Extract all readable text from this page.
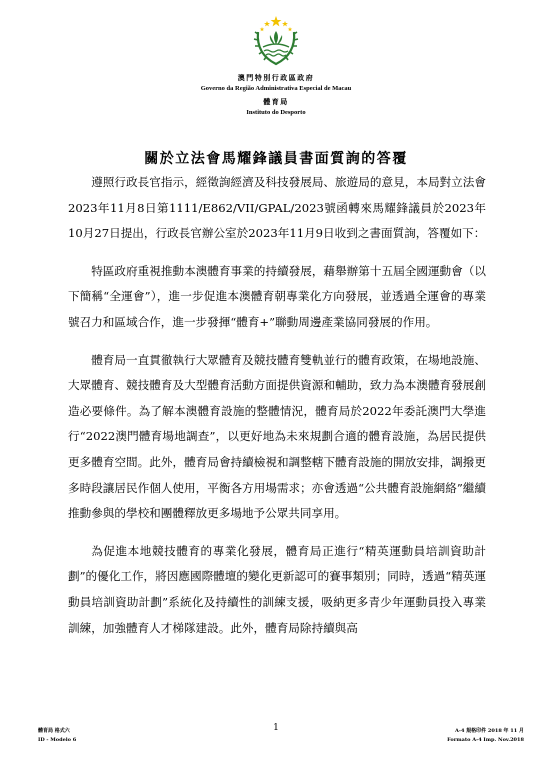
澳門特別行政區政府
Governo da Região Administrativa Especial de Macau
體育局
Instituto do Desporto
關於立法會馬耀鋒議員書面質詢的答覆

遵照行政長官指示，經徵詢經濟及科技發展局、旅遊局的意見，本局對立法會2023年11月8日第1111/E862/VII/GPAL/2023號函轉來馬耀鋒議員於2023年10月27日提出，行政長官辦公室於2023年11月9日收到之書面質詢，答覆如下：

特區政府重視推動本澳體育事業的持續發展，藉舉辦第十五屆全國運動會（以下簡稱“全運會”），進一步促進本澳體育朝專業化方向發展，並透過全運會的專業號召力和區域合作，進一步發揮“體育+”聯動周邊產業協同發展的作用。

體育局一直貫徹執行大眾體育及競技體育雙軌並行的體育政策，在場地設施、大眾體育、競技體育及大型體育活動方面提供資源和輔助，致力為本澳體育發展創造必要條件。為了解本澳體育設施的整體情況，體育局於2022年委託澳門大學進行“2022澳門體育場地調查”，以更好地為未來規劃合適的體育設施，為居民提供更多體育空間。此外，體育局會持續檢視和調整轄下體育設施的開放安排，調撥更多時段讓居民作個人使用，平衡各方用場需求；亦會透過“公共體育設施網絡”繼續推動參與的學校和團體釋放更多場地予公眾共同享用。

為促進本地競技體育的專業化發展，體育局正進行“精英運動員培訓資助計劃”的優化工作，將因應國際體壇的變化更新認可的賽事類別；同時，透過“精英運動員培訓資助計劃”系統化及持續性的訓練支援，吸納更多青少年運動員投入專業訓練，加強體育人才梯隊建設。此外，體育局除持續與高

1
體育局 格式六
ID - Modelo 6
A-4 規格印件 2018 年 11 月
Formato A-4 Imp. Nov.2018
